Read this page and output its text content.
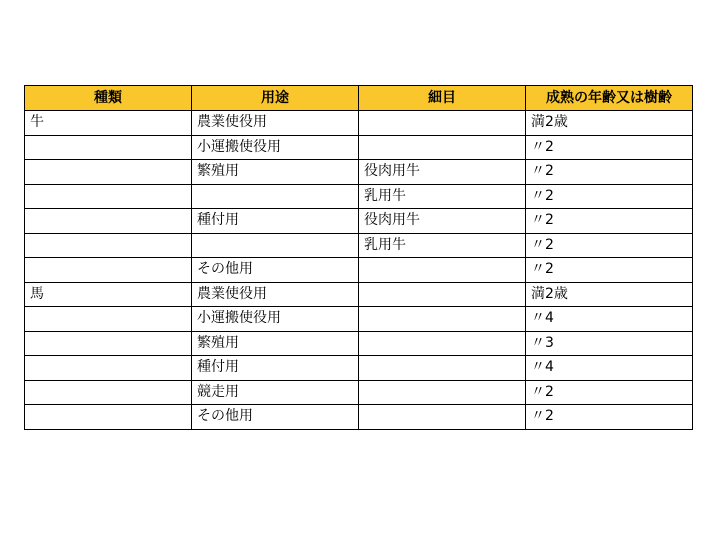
種類	用途	細目	成熟の年齢又は樹齢
牛	農業使役用		満2歳
	小運搬使役用		〃2
	繁殖用	役肉用牛	〃2
		乳用牛	〃2
	種付用	役肉用牛	〃2
		乳用牛	〃2
	その他用		〃2
馬	農業使役用		満2歳
	小運搬使役用		〃4
	繁殖用		〃3
	種付用		〃4
	競走用		〃2
	その他用		〃2
